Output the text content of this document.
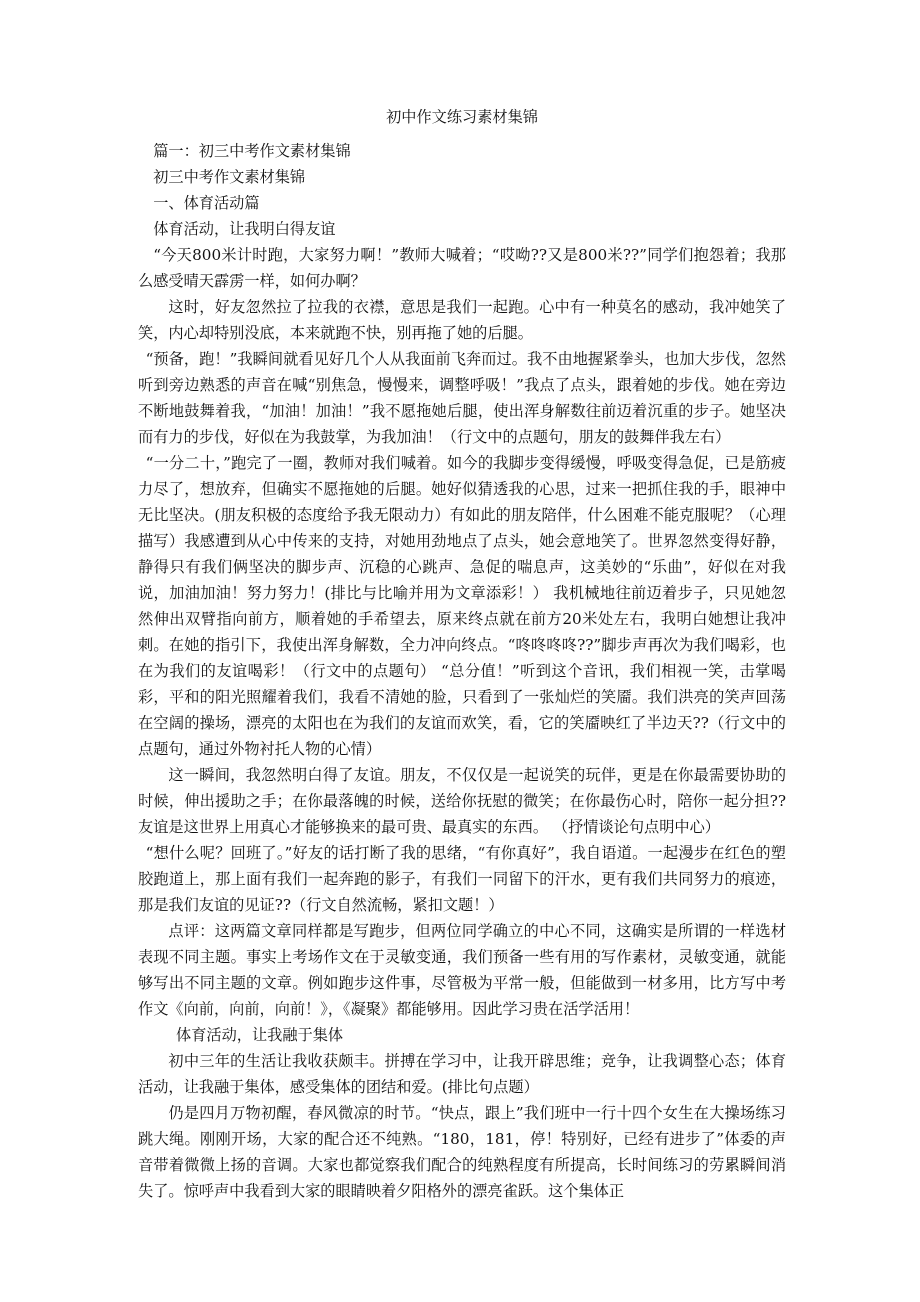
初中作文练习素材集锦

篇一：初三中考作文素材集锦

初三中考作文素材集锦

一、体育活动篇

体育活动，让我明白得友谊

“今天800米计时跑，大家努力啊！”教师大喊着；“哎呦??又是800米??”同学们抱怨着；我那么感受晴天霹雳一样，如何办啊？

这时，好友忽然拉了拉我的衣襟，意思是我们一起跑。心中有一种莫名的感动，我冲她笑了笑，内心却特别没底，本来就跑不快，别再拖了她的后腿。

“预备，跑！”我瞬间就看见好几个人从我面前飞奔而过。我不由地握紧拳头，也加大步伐，忽然听到旁边熟悉的声音在喊“别焦急，慢慢来，调整呼吸！”我点了点头，跟着她的步伐。她在旁边不断地鼓舞着我，“加油！加油！”我不愿拖她后腿，使出浑身解数往前迈着沉重的步子。她坚决而有力的步伐，好似在为我鼓掌，为我加油！（行文中的点题句，朋友的鼓舞伴我左右）

“一分二十，”跑完了一圈，教师对我们喊着。如今的我脚步变得缓慢，呼吸变得急促，已是筋疲力尽了，想放弃，但确实不愿拖她的后腿。她好似猜透我的心思，过来一把抓住我的手，眼神中无比坚决。(朋友积极的态度给予我无限动力）有如此的朋友陪伴，什么困难不能克服呢？（心理描写）我感遭到从心中传来的支持，对她用劲地点了点头，她会意地笑了。世界忽然变得好静，静得只有我们俩坚决的脚步声、沉稳的心跳声、急促的喘息声，这美妙的“乐曲”，好似在对我说，加油加油！努力努力！(排比与比喻并用为文章添彩！） 我机械地往前迈着步子，只见她忽然伸出双臂指向前方，顺着她的手希望去，原来终点就在前方20米处左右，我明白她想让我冲刺。在她的指引下，我使出浑身解数，全力冲向终点。“咚咚咚咚??”脚步声再次为我们喝彩，也在为我们的友谊喝彩！（行文中的点题句） “总分值！”听到这个音讯，我们相视一笑，击掌喝彩，平和的阳光照耀着我们，我看不清她的脸，只看到了一张灿烂的笑靥。我们洪亮的笑声回荡在空阔的操场，漂亮的太阳也在为我们的友谊而欢笑，看，它的笑靥映红了半边天??（行文中的点题句，通过外物衬托人物的心情）

这一瞬间，我忽然明白得了友谊。朋友，不仅仅是一起说笑的玩伴，更是在你最需要协助的时候，伸出援助之手；在你最落魄的时候，送给你抚慰的微笑；在你最伤心时，陪你一起分担??友谊是这世界上用真心才能够换来的最可贵、最真实的东西。 （抒情谈论句点明中心）

“想什么呢？回班了。”好友的话打断了我的思绪，“有你真好”，我自语道。一起漫步在红色的塑胶跑道上，那上面有我们一起奔跑的影子，有我们一同留下的汗水，更有我们共同努力的痕迹，那是我们友谊的见证??（行文自然流畅，紧扣文题！）

点评：这两篇文章同样都是写跑步，但两位同学确立的中心不同，这确实是所谓的一样选材表现不同主题。事实上考场作文在于灵敏变通，我们预备一些有用的写作素材，灵敏变通，就能够写出不同主题的文章。例如跑步这件事，尽管极为平常一般，但能做到一材多用，比方写中考作文《向前，向前，向前！》，《凝聚》都能够用。因此学习贵在活学活用！

体育活动，让我融于集体

初中三年的生活让我收获颇丰。拼搏在学习中，让我开辟思维；竞争，让我调整心态；体育活动，让我融于集体，感受集体的团结和爱。(排比句点题）

仍是四月万物初醒，春风微凉的时节。“快点，跟上”我们班中一行十四个女生在大操场练习跳大绳。刚刚开场，大家的配合还不纯熟。“180，181，停！特别好，已经有进步了”体委的声音带着微微上扬的音调。大家也都觉察我们配合的纯熟程度有所提高，长时间练习的劳累瞬间消失了。惊呼声中我看到大家的眼睛映着夕阳格外的漂亮雀跃。这个集体正
